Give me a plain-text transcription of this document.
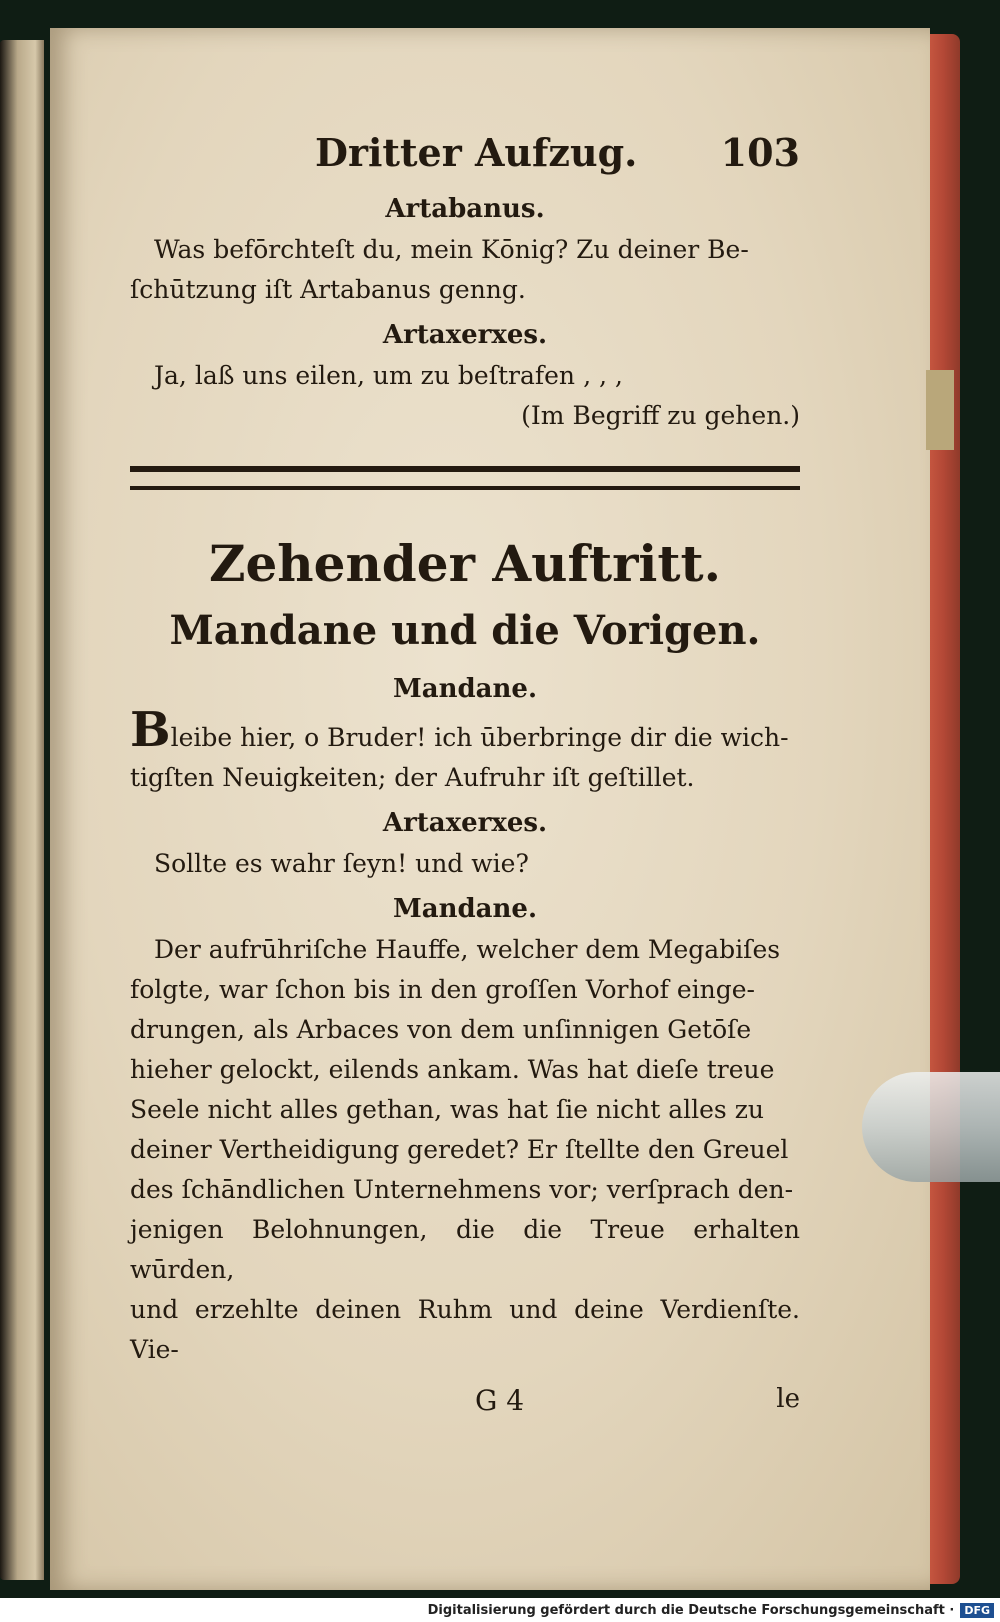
Dritter Aufzug. 103
Artabanus.

Was befōrchteſt du, mein Kōnig? Zu deiner Be-

ſchūtzung iſt Artabanus genng.

Artaxerxes.

Ja, laß uns eilen, um zu beſtrafen ‚ ‚ ‚

(Im Begriff zu gehen.)
Zehender Auftritt.
Mandane und die Vorigen.
Mandane.

Bleibe hier, o Bruder! ich ūberbringe dir die wich-

tigſten Neuigkeiten; der Aufruhr iſt geſtillet.

Artaxerxes.

Sollte es wahr ſeyn! und wie?

Mandane.

Der aufrūhriſche Hauffe, welcher dem Megabiſes

folgte, war ſchon bis in den groſſen Vorhof einge-

drungen, als Arbaces von dem unſinnigen Getōſe

hieher gelockt, eilends ankam. Was hat dieſe treue

Seele nicht alles gethan, was hat ſie nicht alles zu

deiner Vertheidigung geredet? Er ſtellte den Greuel

des ſchāndlichen Unternehmens vor; verſprach den-

jenigen Belohnungen, die die Treue erhalten wūrden,

und erzehlte deinen Ruhm und deine Verdienſte. Vie-

G 4	le
Digitalisierung gefördert durch die Deutsche Forschungsgemeinschaft · DFG
